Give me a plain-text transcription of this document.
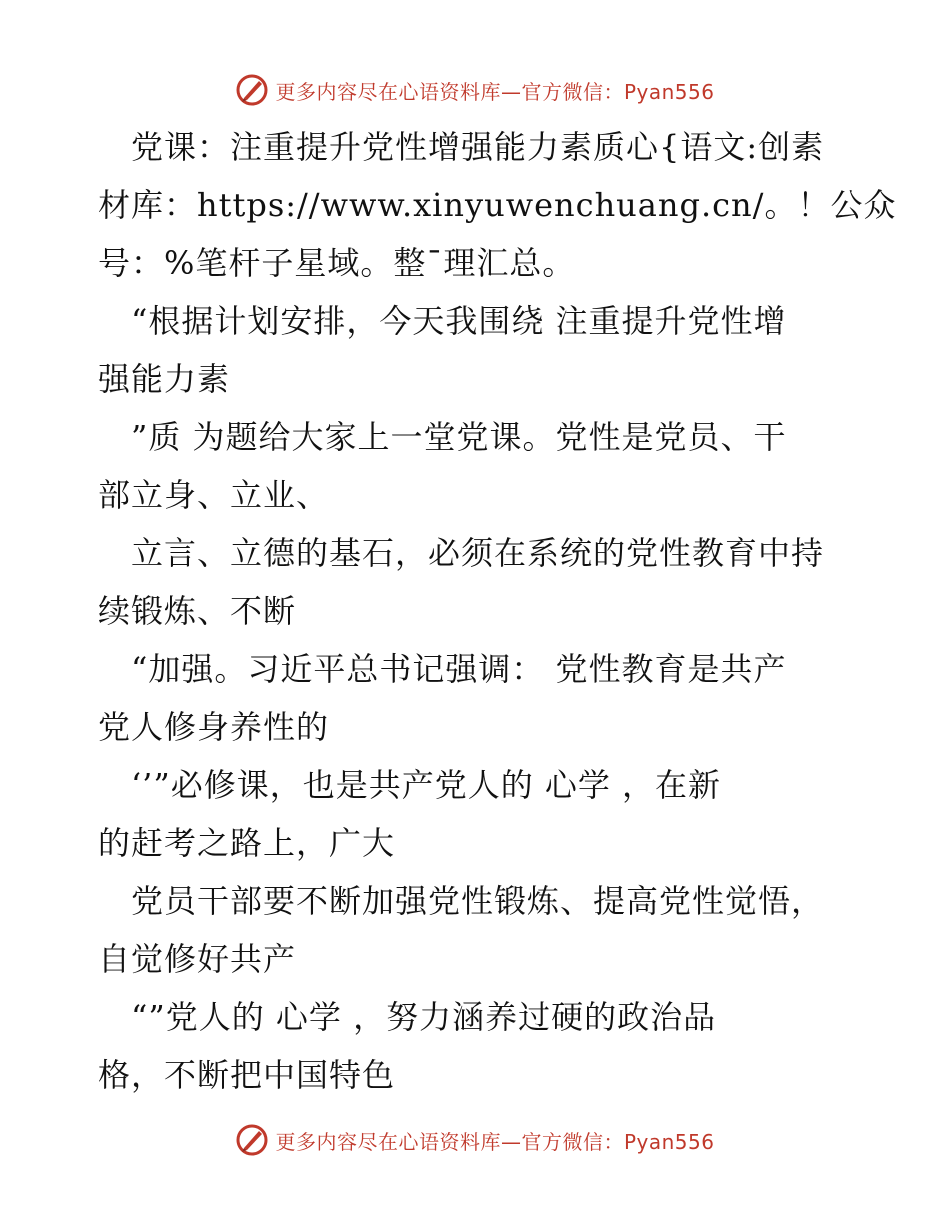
更多内容尽在心语资料库—官方微信：Pyan556
　党课：注重提升党性增强能力素质心{语文:创素
材库：https://www.xinyuwenchuang.cn/。！公众
号：%笔杆子星域。整¯理汇总。
　“根据计划安排，今天我围绕 注重提升党性增
强能力素
　”质 为题给大家上一堂党课。党性是党员、干
部立身、立业、
　立言、立德的基石，必须在系统的党性教育中持
续锻炼、不断
　“加强。习近平总书记强调： 党性教育是共产
党人修身养性的
　‘’”必修课，也是共产党人的 心学 ，在新
的赶考之路上，广大
　党员干部要不断加强党性锻炼、提高党性觉悟，
自觉修好共产
　“”党人的 心学 ，努力涵养过硬的政治品
格，不断把中国特色
更多内容尽在心语资料库—官方微信：Pyan556
